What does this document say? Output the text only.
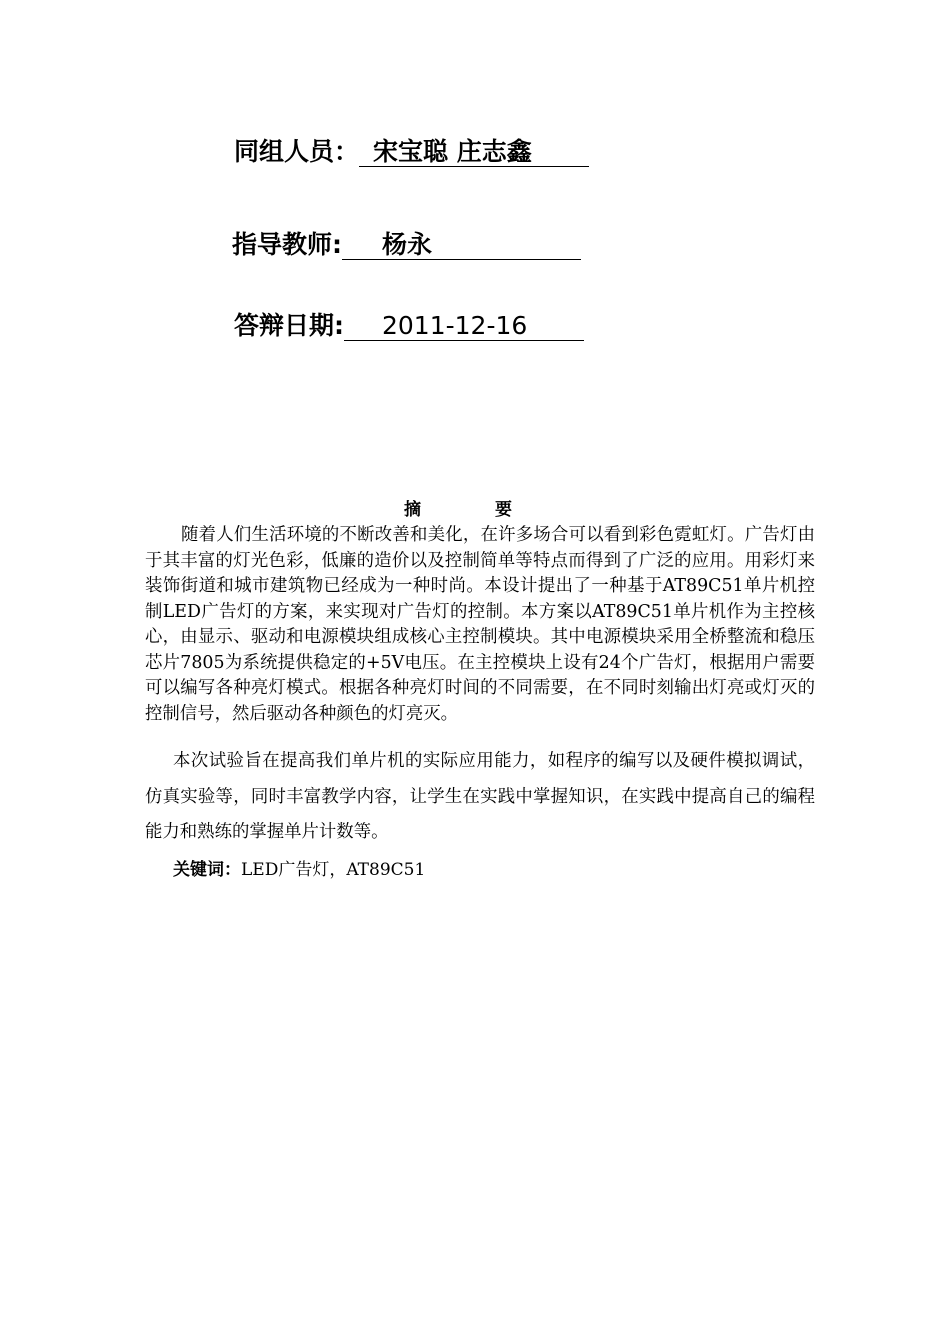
同组人员： 宋宝聪 庄志鑫
指导教师: 杨永
答辩日期: 2011-12-16
摘 要

随着人们生活环境的不断改善和美化，在许多场合可以看到彩色霓虹灯。广告灯由于其丰富的灯光色彩，低廉的造价以及控制简单等特点而得到了广泛的应用。用彩灯来装饰街道和城市建筑物已经成为一种时尚。本设计提出了一种基于AT89C51单片机控制LED广告灯的方案，来实现对广告灯的控制。本方案以AT89C51单片机作为主控核心，由显示、驱动和电源模块组成核心主控制模块。其中电源模块采用全桥整流和稳压芯片7805为系统提供稳定的+5V电压。在主控模块上设有24个广告灯，根据用户需要可以编写各种亮灯模式。根据各种亮灯时间的不同需要，在不同时刻输出灯亮或灯灭的控制信号，然后驱动各种颜色的灯亮灭。

本次试验旨在提高我们单片机的实际应用能力，如程序的编写以及硬件模拟调试，仿真实验等，同时丰富教学内容，让学生在实践中掌握知识，在实践中提高自己的编程能力和熟练的掌握单片计数等。

关键词：LED广告灯，AT89C51
